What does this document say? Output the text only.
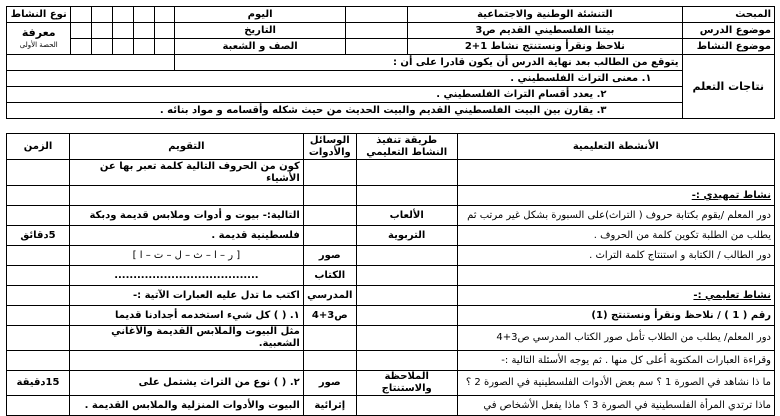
المبحث	التنشئة الوطنية والاجتماعية		اليوم						نوع النشاط
موضوع الدرس	بيتنا الفلسطيني القديم ص3		التاريخ						معرفة
الحصة الأولى

موضوع النشاط	نلاحظ ونقرأ ونستنتج نشاط 1+2		الصف و الشعبة						
نتاجات التعلم	يتوقع من الطالب بعد نهاية الدرس أن يكون قادرا على أن :								
	١. معنى التراث الفلسطيني .								
	٢. يعدد أقسام التراث الفلسطيني .								
	٣. يقارن بين البيت الفلسطيني القديم والبيت الحديث من حيث شكله وأقسامه و مواد بنائه .								
الأنشطة التعليمية	طريقة تنفيذ النشاط التعليمي	الوسائل والأدوات	التقويم	الزمن
			كون من الحروف التالية كلمة تعبر بها عن الأشياء	
نشاط تمهيدي :-				
دور المعلم /يقوم بكتابة حروف ( التراث)على السبورة بشكل غير مرتب ثم	الألعاب		التالية:- بيوت و أدوات وملابس قديمة ودبكة	
يطلب من الطلبة تكوين كلمة من الحروف .	التربوية		فلسطينية قديمة .	5دقائق
دور الطالب / الكتابة و استنتاج كلمة التراث .		صور	[ ر – ا – ث – ل – ت – ا ]	
		الكتاب	......................................	
نشاط تعليمي :-		المدرسي	اكتب ما تدل عليه العبارات الآتية :-	
رقم ( 1 ) / نلاحظ ونقرأ ونستنتج (1)		ص3+4	١. ( ) كل شيء استخدمه أجدادنا قديما	
دور المعلم/ يطلب من الطلاب تأمل صور الكتاب المدرسي ص3+4			مثل البيوت والملابس القديمة والأغاني الشعبية.	
وقراءة العبارات المكتوبة أعلى كل منها . ثم يوجه الأسئلة التالية :-				
ما ذا نشاهد في الصورة 1 ؟ سم بعض الأدوات الفلسطينية في الصورة 2 ؟	الملاحظة والاستنتاج	صور	٢. ( ) نوع من التراث يشتمل على	15دقيقة
ماذا ترتدي المرأة الفلسطينية في الصورة 3 ؟ ماذا يفعل الأشخاص في		إثرائية	البيوت والأدوات المنزلية والملابس القديمة .	
